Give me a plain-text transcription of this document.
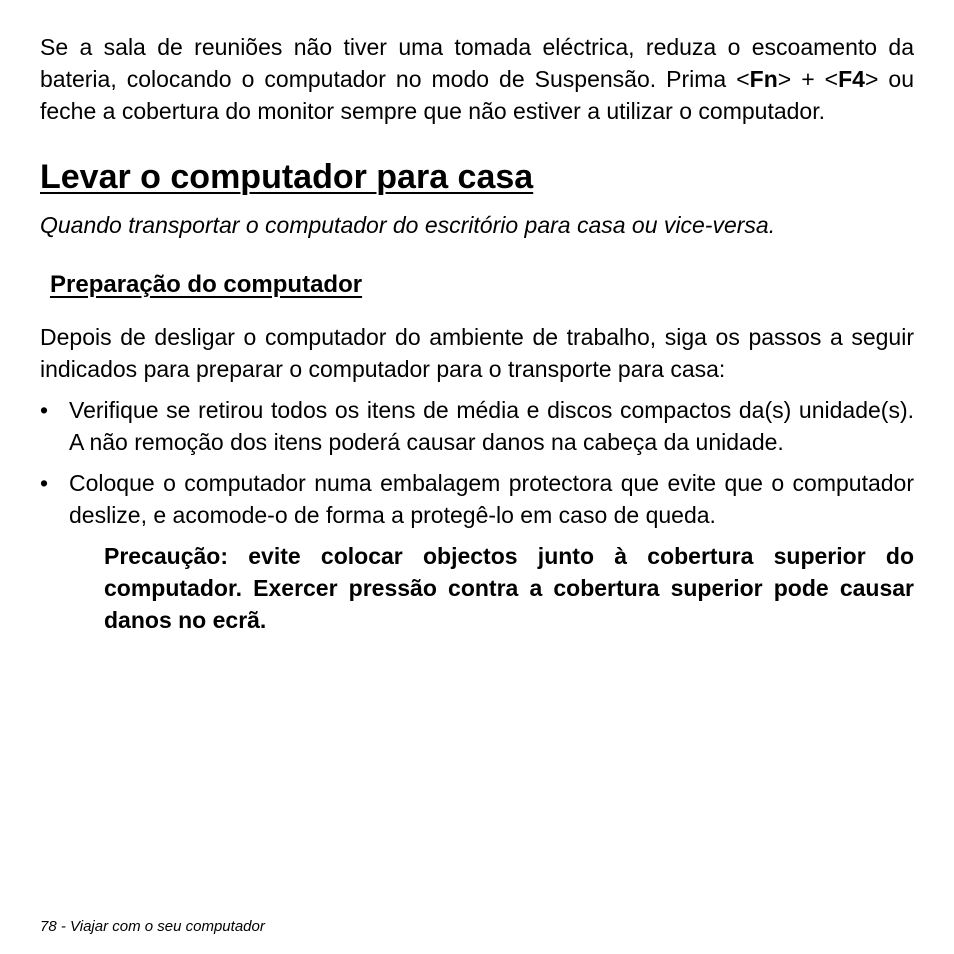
Se a sala de reuniões não tiver uma tomada eléctrica, reduza o escoamento da bateria, colocando o computador no modo de Suspensão. Prima <Fn> + <F4> ou feche a cobertura do monitor sempre que não estiver a utilizar o computador.

Levar o computador para casa

Quando transportar o computador do escritório para casa ou vice-versa.

Preparação do computador

Depois de desligar o computador do ambiente de trabalho, siga os passos a seguir indicados para preparar o computador para o transporte para casa:

• Verifique se retirou todos os itens de média e discos compactos da(s) unidade(s). A não remoção dos itens poderá causar danos na cabeça da unidade.
• Coloque o computador numa embalagem protectora que evite que o computador deslize, e acomode-o de forma a protegê-lo em caso de queda.

Precaução: evite colocar objectos junto à cobertura superior do computador. Exercer pressão contra a cobertura superior pode causar danos no ecrã.

78 - Viajar com o seu computador
